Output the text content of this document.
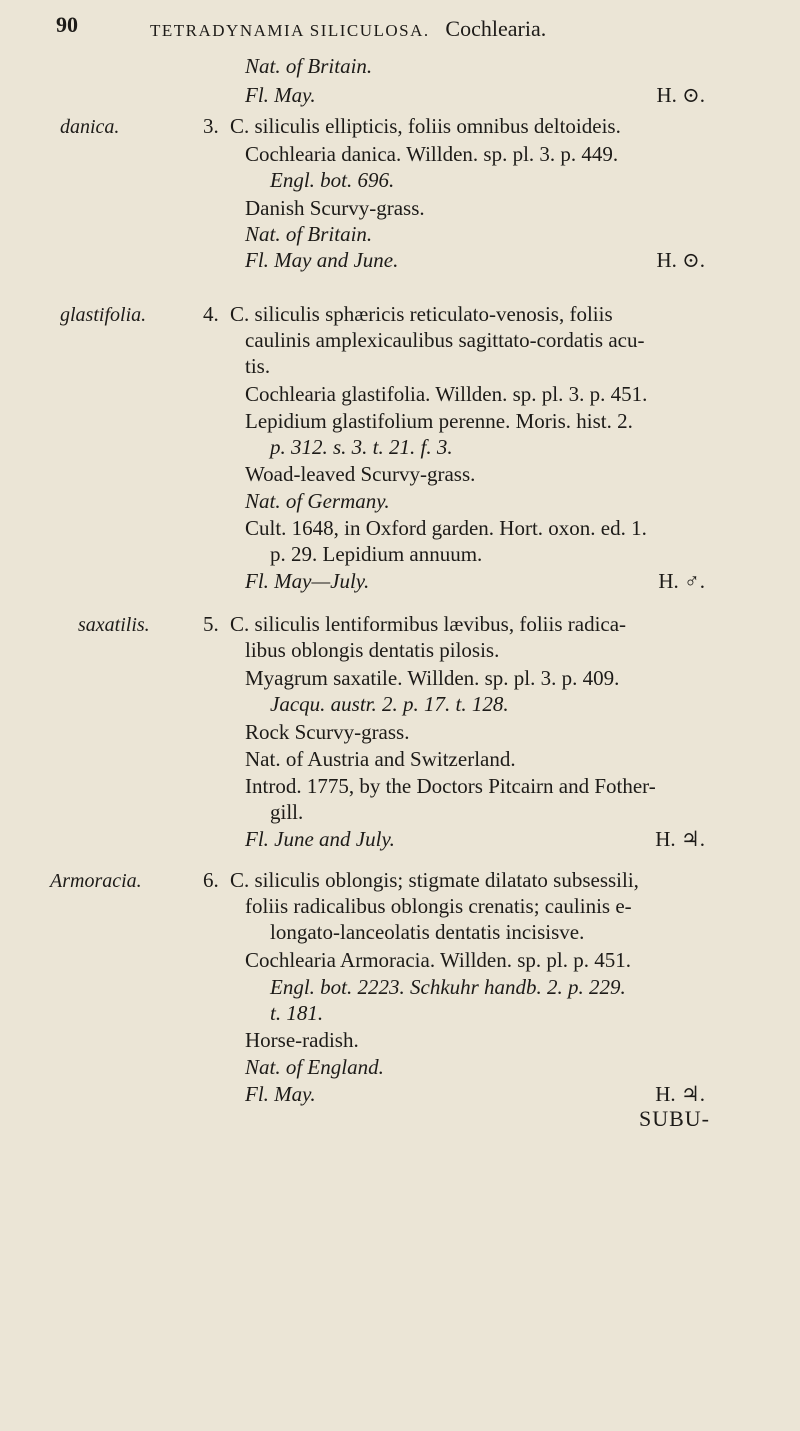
90	TETRADYNAMIA SILICULOSA. Cochlearia.
Nat. of Britain.
Fl. May.	H. ⊙.
danica.	3. C. siliculis ellipticis, foliis omnibus deltoideis.
Cochlearia danica. Willden. sp. pl. 3. p. 449.
Engl. bot. 696.
Danish Scurvy-grass.
Nat. of Britain.
Fl. May and June.	H. ⊙.
glastifolia.	4. C. siliculis sphæricis reticulato-venosis, foliis
caulinis amplexicaulibus sagittato-cordatis acu-
tis.
Cochlearia glastifolia. Willden. sp. pl. 3. p. 451.
Lepidium glastifolium perenne. Moris. hist. 2.
p. 312. s. 3. t. 21. f. 3.
Woad-leaved Scurvy-grass.
Nat. of Germany.
Cult. 1648, in Oxford garden. Hort. oxon. ed. 1.
p. 29. Lepidium annuum.
Fl. May—July.	H. ♂.
saxatilis.	5. C. siliculis lentiformibus lævibus, foliis radica-
libus oblongis dentatis pilosis.
Myagrum saxatile. Willden. sp. pl. 3. p. 409.
Jacqu. austr. 2. p. 17. t. 128.
Rock Scurvy-grass.
Nat. of Austria and Switzerland.
Introd. 1775, by the Doctors Pitcairn and Fother-
gill.
Fl. June and July.	H. ♃.
Armoracia.	6. C. siliculis oblongis; stigmate dilatato subsessili,
foliis radicalibus oblongis crenatis; caulinis e-
longato-lanceolatis dentatis incisisve.
Cochlearia Armoracia. Willden. sp. pl. p. 451.
Engl. bot. 2223. Schkuhr handb. 2. p. 229.
t. 181.
Horse-radish.
Nat. of England.
Fl. May.	H. ♃.
SUBU-
